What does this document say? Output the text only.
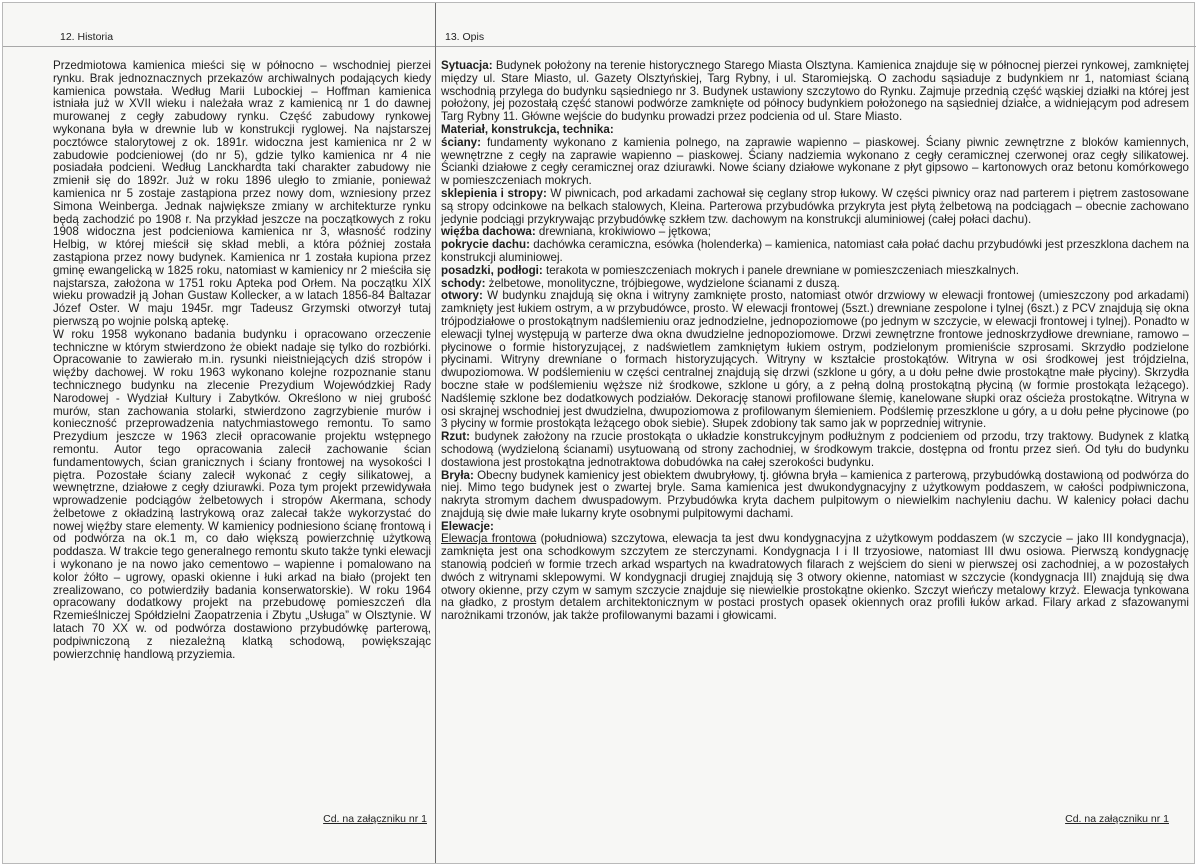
12. Historia

Przedmiotowa kamienica mieści się w północno – wschodniej pierzei rynku. Brak jednoznacznych przekazów archiwalnych podających kiedy kamienica powstała. Według Marii Lubockiej – Hoffman kamienica istniała już w XVII wieku i należała wraz z kamienicą nr 1 do dawnej murowanej z cegły zabudowy rynku. Część zabudowy rynkowej wykonana była w drewnie lub w konstrukcji ryglowej. Na najstarszej pocztówce stalorytowej z ok. 1891r. widoczna jest kamienica nr 2 w zabudowie podcieniowej (do nr 5), gdzie tylko kamienica nr 4 nie posiadała podcieni. Według Lanckhardta taki charakter zabudowy nie zmienił się do 1892r. Już w roku 1896 uległo to zmianie, ponieważ kamienica nr 5 zostaje zastąpiona przez nowy dom, wzniesiony przez Simona Weinberga. Jednak największe zmiany w architekturze rynku będą zachodzić po 1908 r. Na przykład jeszcze na początkowych z roku 1908 widoczna jest podcieniowa kamienica nr 3, własność rodziny Helbig, w której mieścił się skład mebli, a która później została zastąpiona przez nowy budynek. Kamienica nr 1 została kupiona przez gminę ewangelicką w 1825 roku, natomiast w kamienicy nr 2 mieściła się najstarsza, założona w 1751 roku Apteka pod Orłem. Na początku XIX wieku prowadził ją Johan Gustaw Kollecker, a w latach 1856-84 Baltazar Józef Oster. W maju 1945r. mgr Tadeusz Grzymski otworzył tutaj pierwszą po wojnie polską aptekę.

W roku 1958 wykonano badania budynku i opracowano orzeczenie techniczne w którym stwierdzono że obiekt nadaje się tylko do rozbiórki. Opracowanie to zawierało m.in. rysunki nieistniejących dziś stropów i więźby dachowej. W roku 1963 wykonano kolejne rozpoznanie stanu technicznego budynku na zlecenie Prezydium Wojewódzkiej Rady Narodowej - Wydział Kultury i Zabytków. Określono w niej grubość murów, stan zachowania stolarki, stwierdzono zagrzybienie murów i konieczność przeprowadzenia natychmiastowego remontu. To samo Prezydium jeszcze w 1963 zlecił opracowanie projektu wstępnego remontu. Autor tego opracowania zalecił zachowanie ścian fundamentowych, ścian granicznych i ściany frontowej na wysokości I piętra. Pozostałe ściany zalecił wykonać z cegły silikatowej, a wewnętrzne, działowe z cegły dziurawki. Poza tym projekt przewidywała wprowadzenie podciągów żelbetowych i stropów Akermana, schody żelbetowe z okładziną lastrykową oraz zalecał także wykorzystać do nowej więźby stare elementy. W kamienicy podniesiono ścianę frontową i od podwórza na ok.1 m, co dało większą powierzchnię użytkową poddasza. W trakcie tego generalnego remontu skuto także tynki elewacji i wykonano je na nowo jako cementowo – wapienne i pomalowano na kolor żółto – ugrowy, opaski okienne i łuki arkad na biało (projekt ten zrealizowano, co potwierdziły badania konserwatorskie). W roku 1964 opracowany dodatkowy projekt na przebudowę pomieszczeń dla Rzemieślniczej Spółdzielni Zaopatrzenia i Zbytu „Usługa” w Olsztynie. W latach 70 XX w. od podwórza dostawiono przybudówkę parterową, podpiwniczoną z niezależną klatką schodową, powiększając powierzchnię handlową przyziemia.

Cd. na załączniku nr 1
13. Opis

Sytuacja: Budynek położony na terenie historycznego Starego Miasta Olsztyna. Kamienica znajduje się w północnej pierzei rynkowej, zamkniętej między ul. Stare Miasto, ul. Gazety Olsztyńskiej, Targ Rybny, i ul. Staromiejską. O zachodu sąsiaduje z budynkiem nr 1, natomiast ścianą wschodnią przylega do budynku sąsiedniego nr 3. Budynek ustawiony szczytowo do Rynku. Zajmuje przednią część wąskiej działki na której jest położony, jej pozostałą część stanowi podwórze zamknięte od północy budynkiem położonego na sąsiedniej działce, a widniejącym pod adresem Targ Rybny 11. Główne wejście do budynku prowadzi przez podcienia od ul. Stare Miasto.

Materiał, konstrukcja, technika:

ściany: fundamenty wykonano z kamienia polnego, na zaprawie wapienno – piaskowej. Ściany piwnic zewnętrzne z bloków kamiennych, wewnętrzne z cegły na zaprawie wapienno – piaskowej. Ściany nadziemia wykonano z cegły ceramicznej czerwonej oraz cegły silikatowej. Ścianki działowe z cegły ceramicznej oraz dziurawki. Nowe ściany działowe wykonane z płyt gipsowo – kartonowych oraz betonu komórkowego w pomieszczeniach mokrych.

sklepienia i stropy: W piwnicach, pod arkadami zachował się ceglany strop łukowy. W części piwnicy oraz nad parterem i piętrem zastosowane są stropy odcinkowe na belkach stalowych, Kleina. Parterowa przybudówka przykryta jest płytą żelbetową na podciągach – obecnie zachowano jedynie podciągi przykrywając przybudówkę szkłem tzw. dachowym na konstrukcji aluminiowej (całej połaci dachu).

więźba dachowa: drewniana, krokiwiowo – jętkowa;

pokrycie dachu: dachówka ceramiczna, esówka (holenderka) – kamienica, natomiast cała połać dachu przybudówki jest przeszklona dachem na konstrukcji aluminiowej.

posadzki, podłogi: terakota w pomieszczeniach mokrych i panele drewniane w pomieszczeniach mieszkalnych.

schody: żelbetowe, monolityczne, trójbiegowe, wydzielone ścianami z duszą.

otwory: W budynku znajdują się okna i witryny zamknięte prosto, natomiast otwór drzwiowy w elewacji frontowej (umieszczony pod arkadami) zamknięty jest łukiem ostrym, a w przybudówce, prosto. W elewacji frontowej (5szt.) drewniane zespolone i tylnej (6szt.) z PCV znajdują się okna trójpodziałowe o prostokątnym nadślemieniu oraz jednodzielne, jednopoziomowe (po jednym w szczycie, w elewacji frontowej i tylnej). Ponadto w elewacji tylnej występują w parterze dwa okna dwudzielne jednopoziomowe. Drzwi zewnętrzne frontowe jednoskrzydłowe drewniane, ramowo – płycinowe o formie historyzującej, z nadświetlem zamkniętym łukiem ostrym, podzielonym promieniście szprosami. Skrzydło podzielone płycinami. Witryny drewniane o formach historyzujących. Witryny w kształcie prostokątów. Witryna w osi środkowej jest trójdzielna, dwupoziomowa. W podślemieniu w części centralnej znajdują się drzwi (szklone u góry, a u dołu pełne dwie prostokątne małe płyciny). Skrzydła boczne stałe w podślemieniu węższe niż środkowe, szklone u góry, a z pełną dolną prostokątną płyciną (w formie prostokąta leżącego). Nadślemię szklone bez dodatkowych podziałów. Dekorację stanowi profilowane ślemię, kanelowane słupki oraz ościeża prostokątne. Witryna w osi skrajnej wschodniej jest dwudzielna, dwupoziomowa z profilowanym ślemieniem. Podślemię przeszklone u góry, a u dołu pełne płycinowe (po 3 płyciny w formie prostokąta leżącego obok siebie). Słupek zdobiony tak samo jak w poprzedniej witrynie.

Rzut: budynek założony na rzucie prostokąta o układzie konstrukcyjnym podłużnym z podcieniem od przodu, trzy traktowy. Budynek z klatką schodową (wydzieloną ścianami) usytuowaną od strony zachodniej, w środkowym trakcie, dostępna od frontu przez sień. Od tyłu do budynku dostawiona jest prostokątna jednotraktowa dobudówka na całej szerokości budynku.

Bryła: Obecny budynek kamienicy jest obiektem dwubryłowy, tj. główna bryła – kamienica z parterową, przybudówką dostawioną od podwórza do niej. Mimo tego budynek jest o zwartej bryle. Sama kamienica jest dwukondygnacyjny z użytkowym poddaszem, w całości podpiwniczona, nakryta stromym dachem dwuspadowym. Przybudówka kryta dachem pulpitowym o niewielkim nachyleniu dachu. W kalenicy połaci dachu znajdują się dwie małe lukarny kryte osobnymi pulpitowymi dachami.

Elewacje:

Elewacja frontowa (południowa) szczytowa, elewacja ta jest dwu kondygnacyjna z użytkowym poddaszem (w szczycie – jako III kondygnacja), zamknięta jest ona schodkowym szczytem ze sterczynami. Kondygnacja I i II trzyosiowe, natomiast III dwu osiowa. Pierwszą kondygnację stanowią podcień w formie trzech arkad wspartych na kwadratowych filarach z wejściem do sieni w pierwszej osi zachodniej, a w pozostałych dwóch z witrynami sklepowymi. W kondygnacji drugiej znajdują się 3 otwory okienne, natomiast w szczycie (kondygnacja III) znajdują się dwa otwory okienne, przy czym w samym szczycie znajduje się niewielkie prostokątne okienko. Szczyt wieńczy metalowy krzyż. Elewacja tynkowana na gładko, z prostym detalem architektonicznym w postaci prostych opasek okiennych oraz profili łuków arkad. Filary arkad z sfazowanymi narożnikami trzonów, jak także profilowanymi bazami i głowicami.

Cd. na załączniku nr 1
